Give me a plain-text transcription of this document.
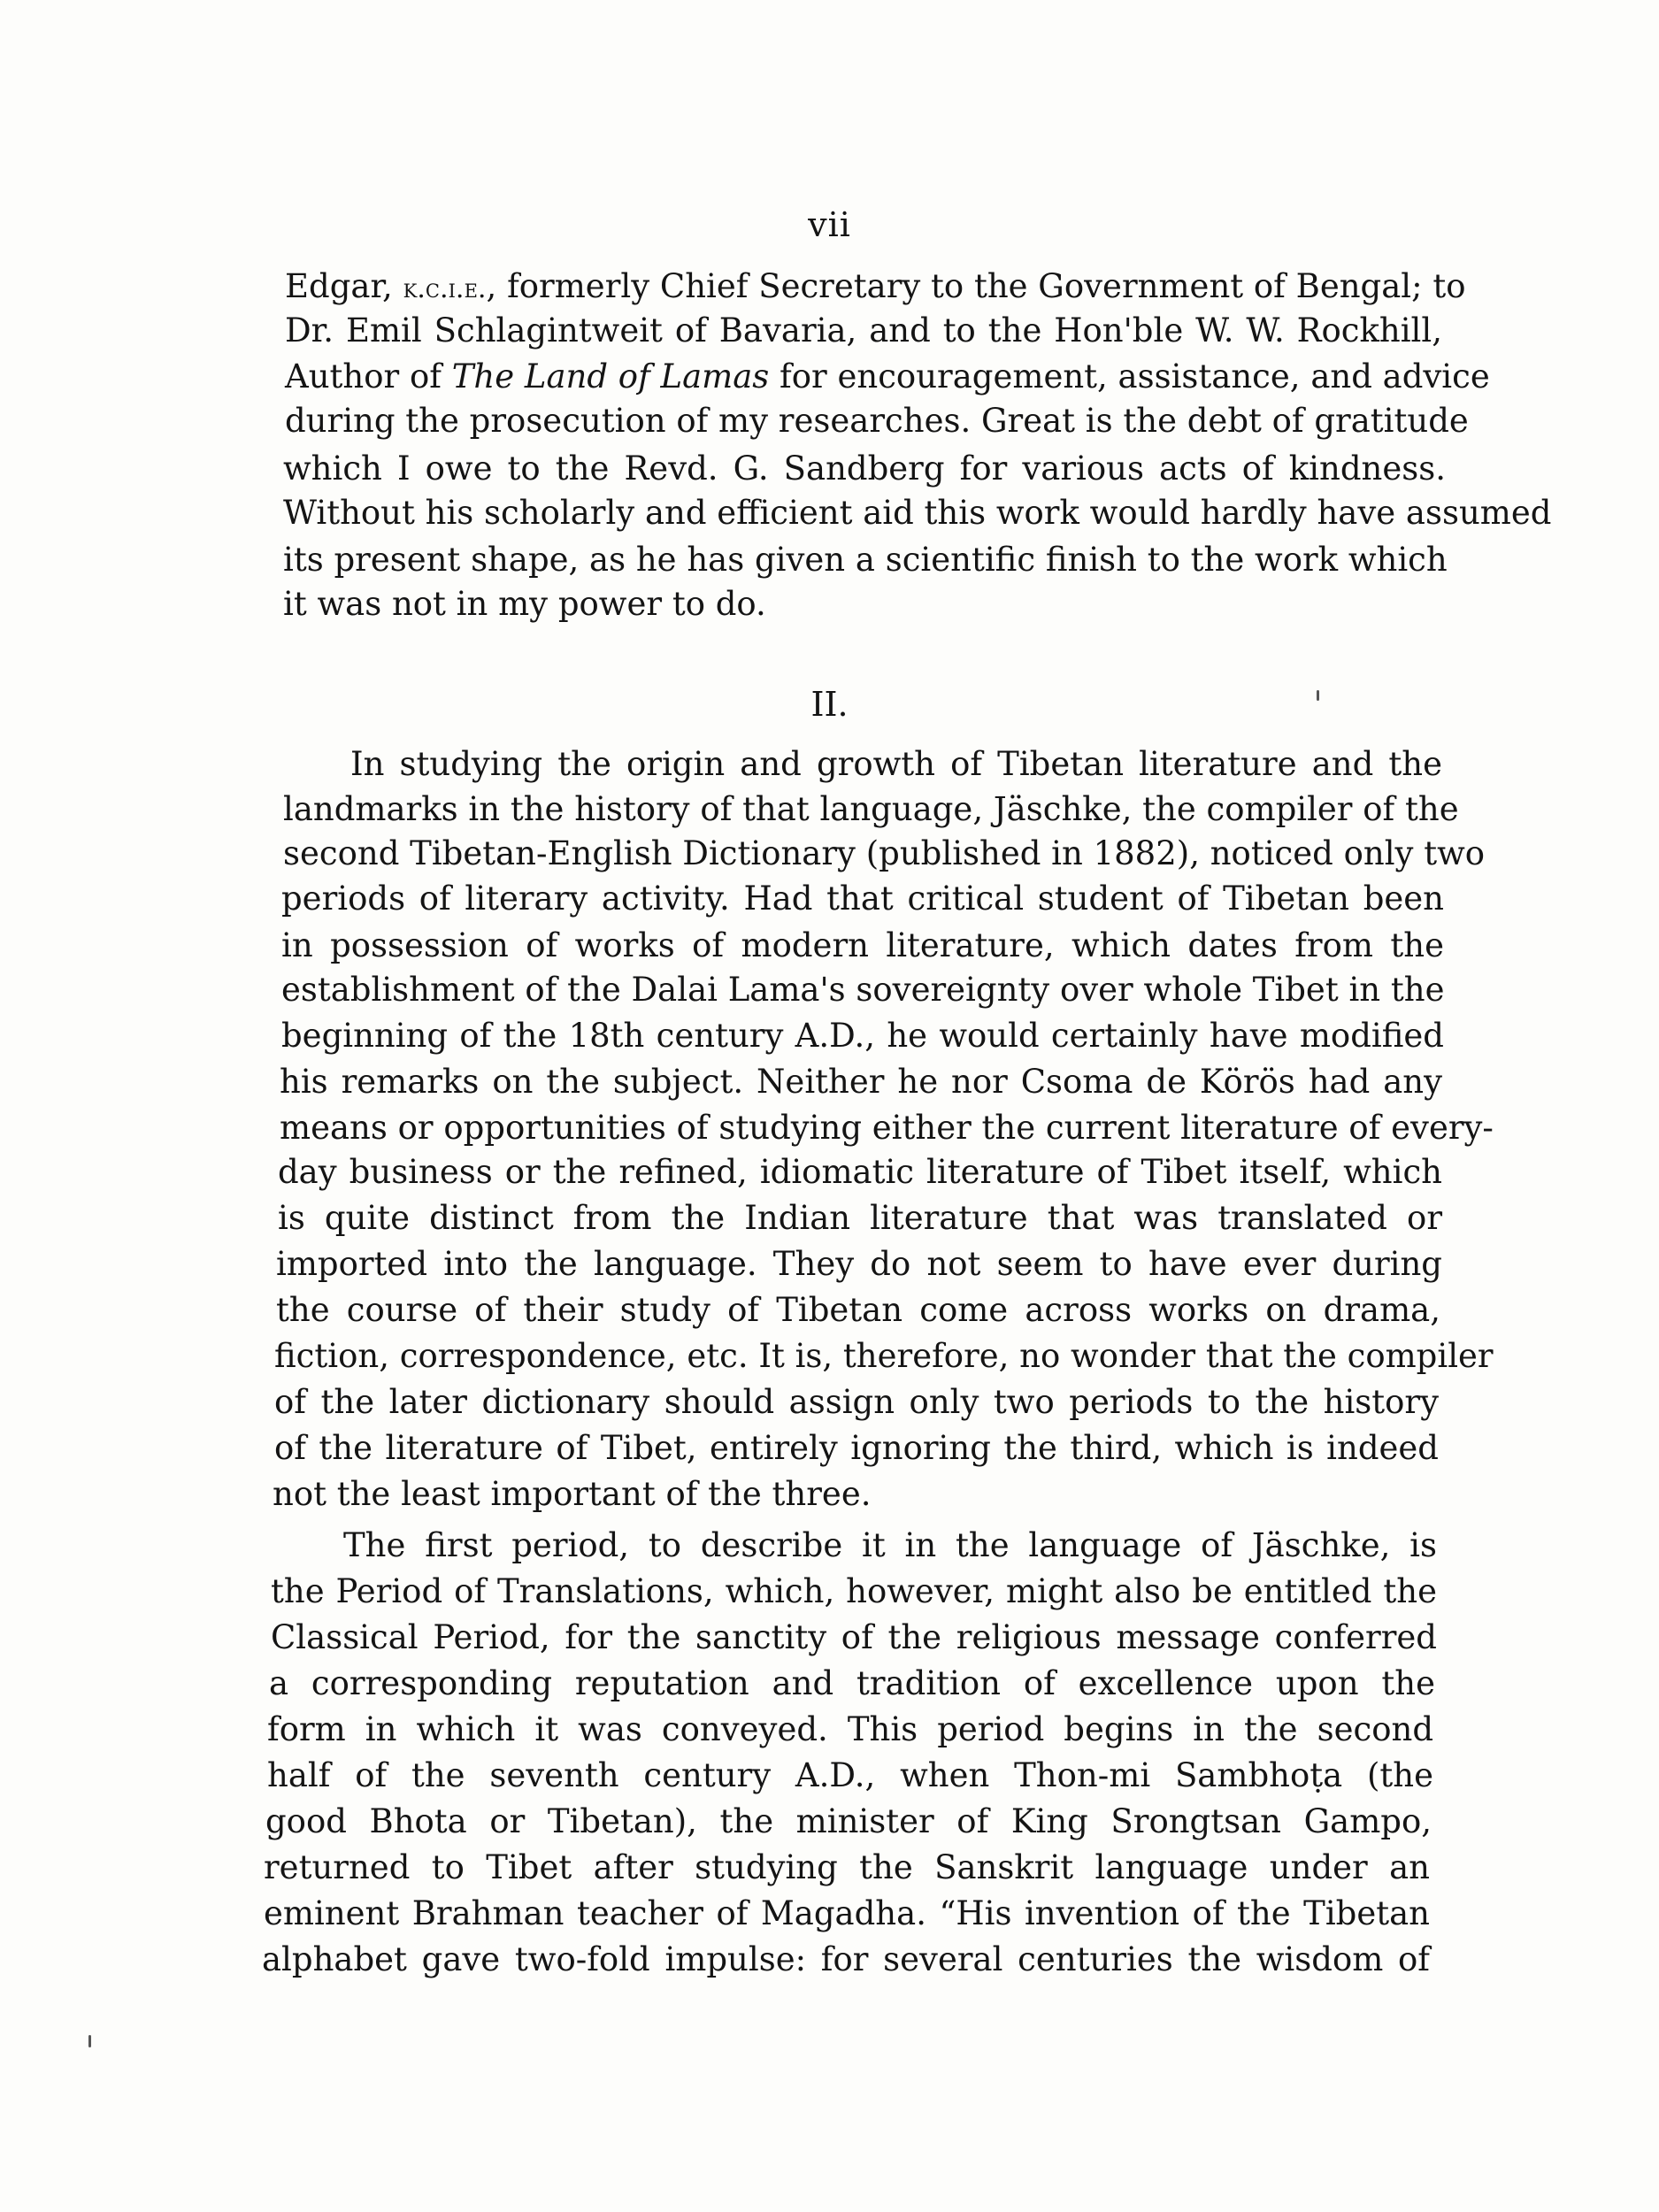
vii
Edgar, k.c.i.e., formerly Chief Secretary to the Government of Bengal; to
Dr. Emil Schlagintweit of Bavaria, and to the Hon'ble W. W. Rockhill,
Author of The Land of Lamas for encouragement, assistance, and advice
during the prosecution of my researches. Great is the debt of gratitude
which I owe to the Revd. G. Sandberg for various acts of kindness.
Without his scholarly and efficient aid this work would hardly have assumed
its present shape, as he has given a scientific finish to the work which
it was not in my power to do.
II.
In studying the origin and growth of Tibetan literature and the
landmarks in the history of that language, Jäschke, the compiler of the
second Tibetan-English Dictionary (published in 1882), noticed only two
periods of literary activity. Had that critical student of Tibetan been
in possession of works of modern literature, which dates from the
establishment of the Dalai Lama's sovereignty over whole Tibet in the
beginning of the 18th century A.D., he would certainly have modified
his remarks on the subject. Neither he nor Csoma de Körös had any
means or opportunities of studying either the current literature of every-
day business or the refined, idiomatic literature of Tibet itself, which
is quite distinct from the Indian literature that was translated or
imported into the language. They do not seem to have ever during
the course of their study of Tibetan come across works on drama,
fiction, correspondence, etc. It is, therefore, no wonder that the compiler
of the later dictionary should assign only two periods to the history
of the literature of Tibet, entirely ignoring the third, which is indeed
not the least important of the three.
The first period, to describe it in the language of Jäschke, is
the Period of Translations, which, however, might also be entitled the
Classical Period, for the sanctity of the religious message conferred
a corresponding reputation and tradition of excellence upon the
form in which it was conveyed. This period begins in the second
half of the seventh century A.D., when Thon-mi Sambhoṭa (the
good Bhota or Tibetan), the minister of King Srongtsan Gampo,
returned to Tibet after studying the Sanskrit language under an
eminent Brahman teacher of Magadha. “His invention of the Tibetan
alphabet gave two-fold impulse: for several centuries the wisdom of
